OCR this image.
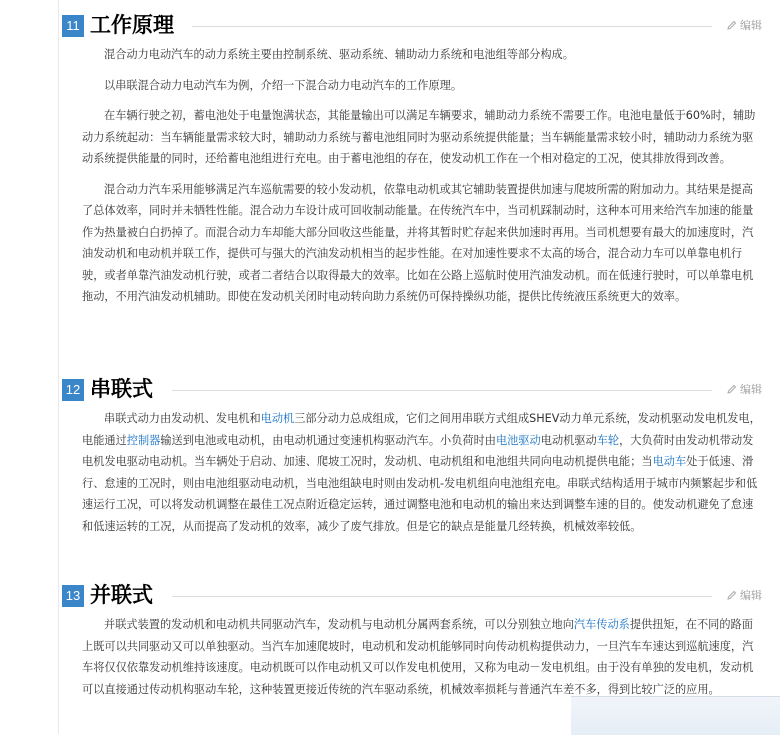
11 工作原理	编辑

混合动力电动汽车的动力系统主要由控制系统、驱动系统、辅助动力系统和电池组等部分构成。

以串联混合动力电动汽车为例，介绍一下混合动力电动汽车的工作原理。

在车辆行驶之初，蓄电池处于电量饱满状态，其能量输出可以满足车辆要求，辅助动力系统不需要工作。电池电量低于60%时，辅助动力系统起动：当车辆能量需求较大时，辅助动力系统与蓄电池组同时为驱动系统提供能量；当车辆能量需求较小时，辅助动力系统为驱动系统提供能量的同时，还给蓄电池组进行充电。由于蓄电池组的存在，使发动机工作在一个相对稳定的工况，使其排放得到改善。

混合动力汽车采用能够满足汽车巡航需要的较小发动机，依靠电动机或其它辅助装置提供加速与爬坡所需的附加动力。其结果是提高了总体效率，同时并未牺牲性能。混合动力车设计成可回收制动能量。在传统汽车中，当司机踩制动时，这种本可用来给汽车加速的能量作为热量被白白扔掉了。而混合动力车却能大部分回收这些能量，并将其暂时贮存起来供加速时再用。当司机想要有最大的加速度时，汽油发动机和电动机并联工作，提供可与强大的汽油发动机相当的起步性能。在对加速性要求不太高的场合，混合动力车可以单靠电机行驶，或者单靠汽油发动机行驶，或者二者结合以取得最大的效率。比如在公路上巡航时使用汽油发动机。而在低速行驶时，可以单靠电机拖动，不用汽油发动机辅助。即使在发动机关闭时电动转向助力系统仍可保持操纵功能，提供比传统液压系统更大的效率。

12 串联式	编辑

串联式动力由发动机、发电机和电动机三部分动力总成组成，它们之间用串联方式组成SHEV动力单元系统，发动机驱动发电机发电，电能通过控制器输送到电池或电动机，由电动机通过变速机构驱动汽车。小负荷时由电池驱动电动机驱动车轮，大负荷时由发动机带动发电机发电驱动电动机。当车辆处于启动、加速、爬坡工况时，发动机、电动机组和电池组共同向电动机提供电能；当电动车处于低速、滑行、怠速的工况时，则由电池组驱动电动机，当电池组缺电时则由发动机-发电机组向电池组充电。串联式结构适用于城市内频繁起步和低速运行工况，可以将发动机调整在最佳工况点附近稳定运转，通过调整电池和电动机的输出来达到调整车速的目的。使发动机避免了怠速和低速运转的工况，从而提高了发动机的效率，减少了废气排放。但是它的缺点是能量几经转换，机械效率较低。

13 并联式	编辑

并联式装置的发动机和电动机共同驱动汽车，发动机与电动机分属两套系统，可以分别独立地向汽车传动系提供扭矩，在不同的路面上既可以共同驱动又可以单独驱动。当汽车加速爬坡时，电动机和发动机能够同时向传动机构提供动力，一旦汽车车速达到巡航速度，汽车将仅仅依靠发动机维持该速度。电动机既可以作电动机又可以作发电机使用，又称为电动－发电机组。由于没有单独的发电机，发动机可以直接通过传动机构驱动车轮，这种装置更接近传统的汽车驱动系统，机械效率损耗与普通汽车差不多，得到比较广泛的应用。
